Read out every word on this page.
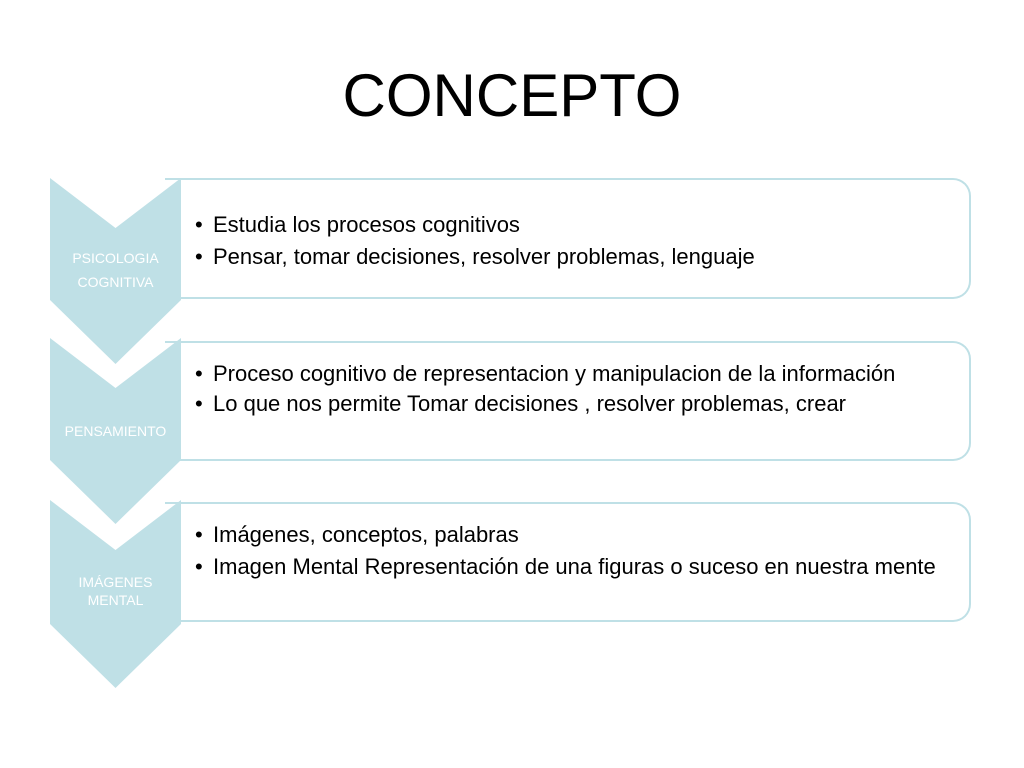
CONCEPTO
• Estudia los procesos cognitivos
• Pensar, tomar decisiones, resolver problemas, lenguaje
PSICOLOGIA
COGNITIVA
• Proceso cognitivo de representacion y manipulacion de la información
• Lo que nos permite Tomar decisiones , resolver problemas, crear
PENSAMIENTO
• Imágenes, conceptos, palabras
• Imagen Mental Representación de una figuras o suceso en nuestra mente
IMÁGENES
MENTAL
